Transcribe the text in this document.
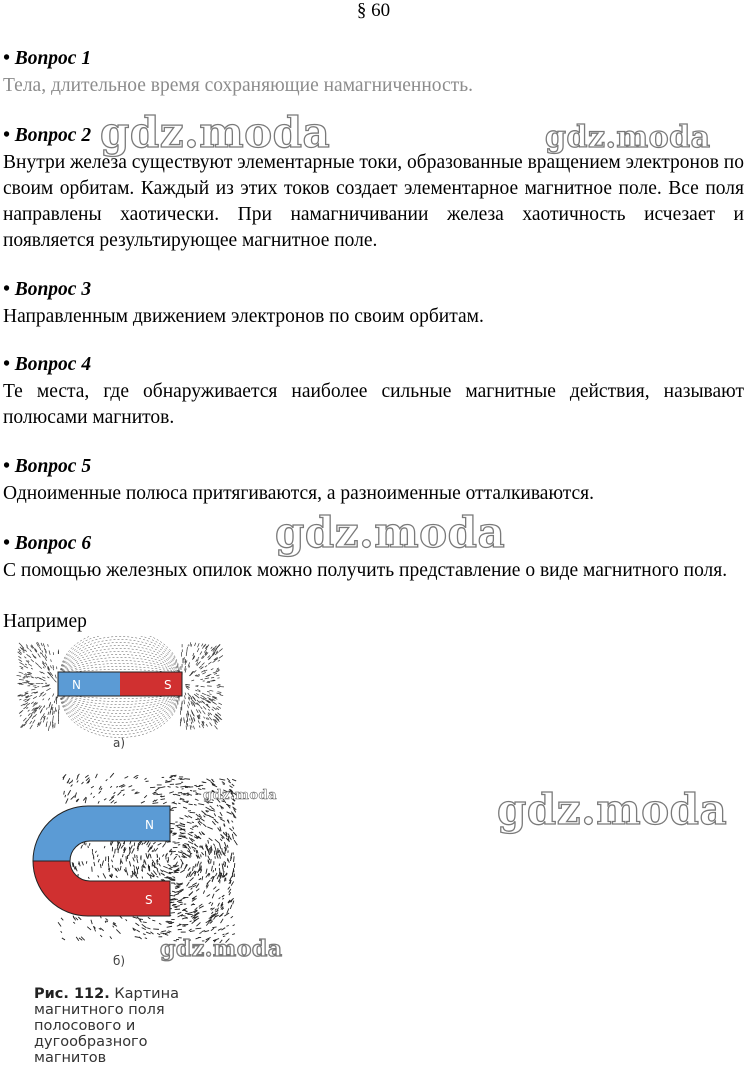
§ 60
• Вопрос 1
Тела, длительное время сохраняющие намагниченность.
• Вопрос 2
Внутри железа существуют элементарные токи, образованные вращением электронов по своим орбитам. Каждый из этих токов создает элементарное магнитное поле. Все поля направлены хаотически. При намагничивании железа хаотичность исчезает и появляется результирующее магнитное поле.
• Вопрос 3
Направленным движением электронов по своим орбитам.
• Вопрос 4
Те места, где обнаруживается наиболее сильные магнитные действия, называют полюсами магнитов.
• Вопрос 5
Одноименные полюса притягиваются, а разноименные отталкиваются.
• Вопрос 6
С помощью железных опилок можно получить представление о виде магнитного поля.
Например
gdz.moda	gdz.moda
gdz.moda
gdz.moda
gdz.moda
gdz.moda
N	S
N
S
а)
б)
Рис. 112. Картина магнитного поля полосового и дугообразного магнитов
